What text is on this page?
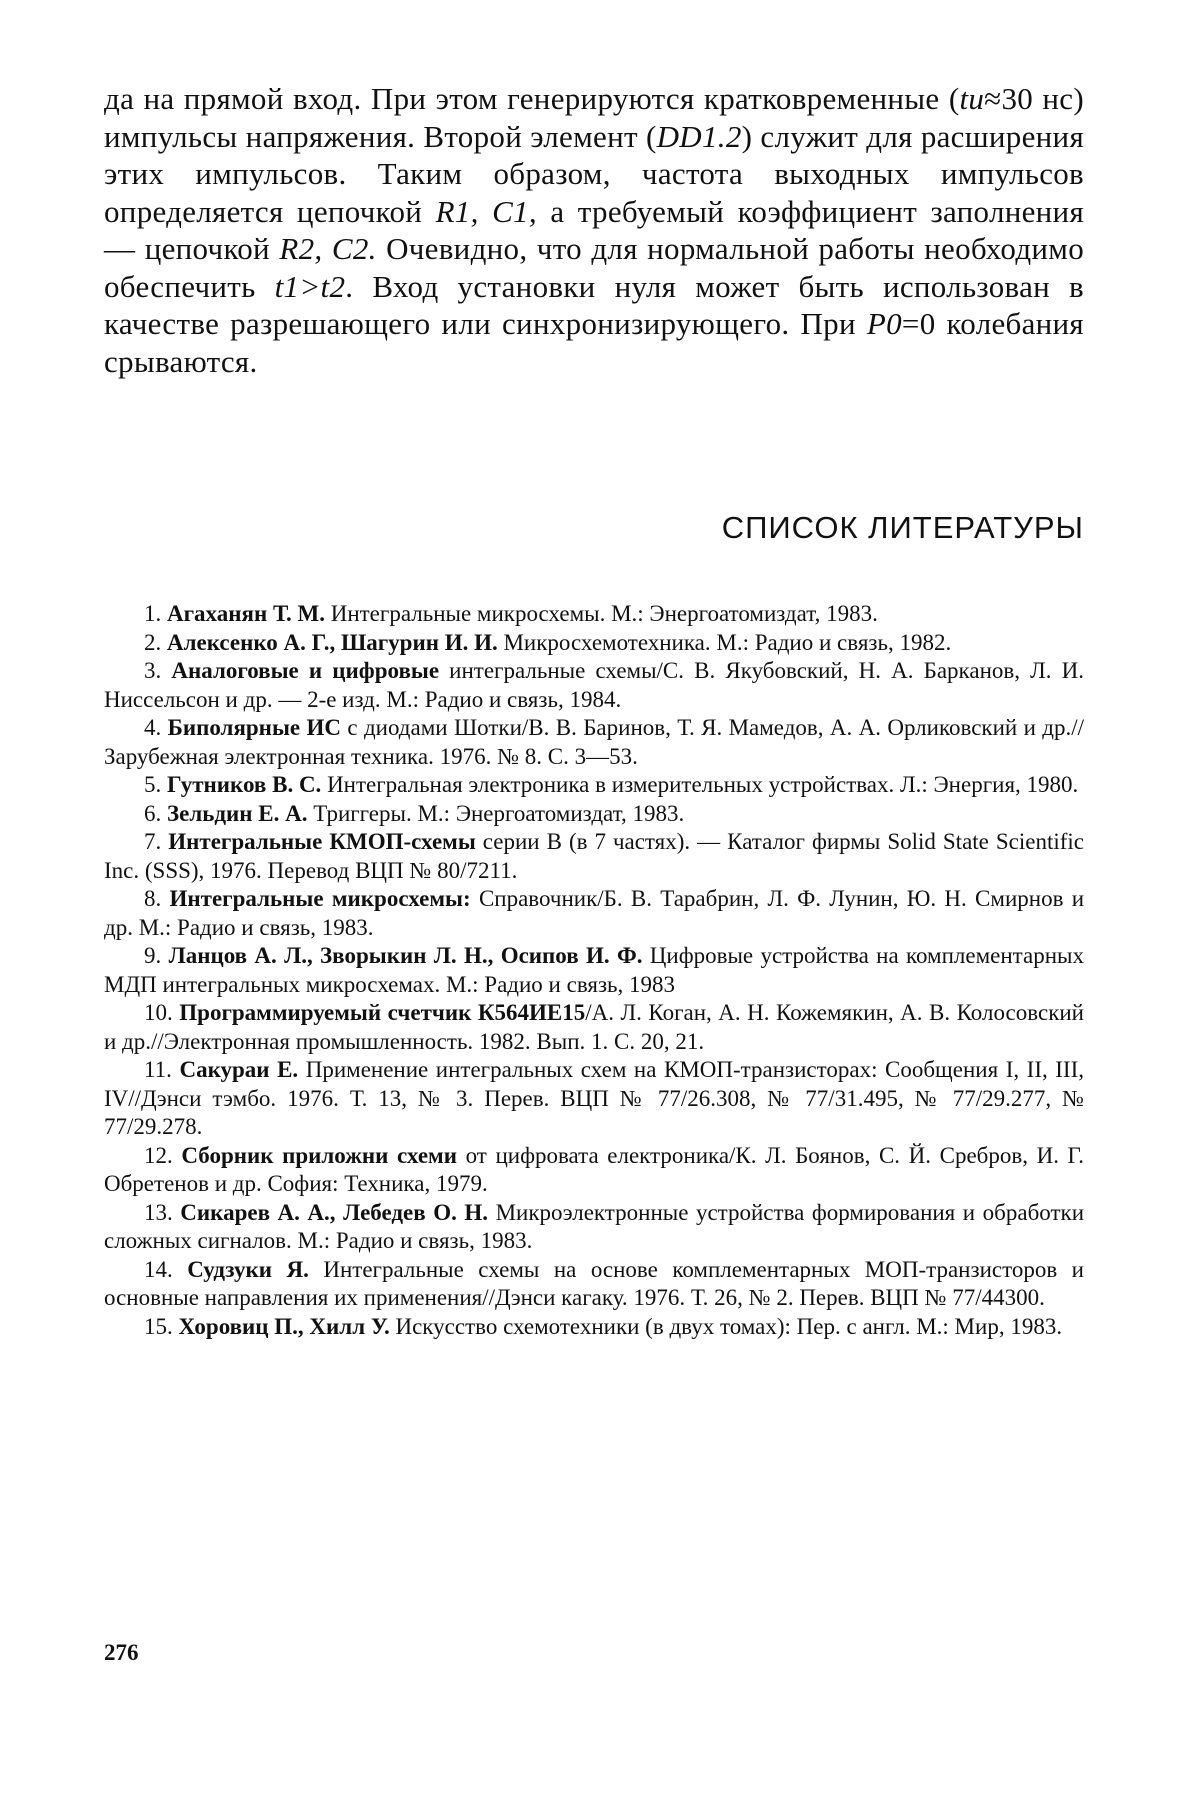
да на прямой вход. При этом генерируются кратковременные (tи≈30 нс) импульсы напряжения. Второй элемент (DD1.2) служит для расширения этих импульсов. Таким образом, частота выходных импульсов определяется цепочкой R1, C1, а требуемый коэффициент заполнения — цепочкой R2, C2. Очевидно, что для нормальной работы необходимо обеспечить t1>t2. Вход установки нуля может быть использован в качестве разрешающего или синхронизирующего. При P0=0 колебания срываются.

СПИСОК ЛИТЕРАТУРЫ

1. Агаханян Т. М. Интегральные микросхемы. М.: Энергоатомиздат, 1983.

2. Алексенко А. Г., Шагурин И. И. Микросхемотехника. М.: Радио и связь, 1982.

3. Аналоговые и цифровые интегральные схемы/С. В. Якубовский, Н. А. Барканов, Л. И. Ниссельсон и др. — 2-е изд. М.: Радио и связь, 1984.

4. Биполярные ИС с диодами Шотки/В. В. Баринов, Т. Я. Мамедов, А. А. Орликовский и др.//Зарубежная электронная техника. 1976. № 8. С. 3—53.

5. Гутников В. С. Интегральная электроника в измерительных устройствах. Л.: Энергия, 1980.

6. Зельдин Е. А. Триггеры. М.: Энергоатомиздат, 1983.

7. Интегральные КМОП-схемы серии В (в 7 частях). — Каталог фирмы Solid State Scientific Inc. (SSS), 1976. Перевод ВЦП № 80/7211.

8. Интегральные микросхемы: Справочник/Б. В. Тарабрин, Л. Ф. Лунин, Ю. Н. Смирнов и др. М.: Радио и связь, 1983.

9. Ланцов А. Л., Зворыкин Л. Н., Осипов И. Ф. Цифровые устройства на комплементарных МДП интегральных микросхемах. М.: Радио и связь, 1983

10. Программируемый счетчик К564ИЕ15/А. Л. Коган, А. Н. Кожемякин, А. В. Колосовский и др.//Электронная промышленность. 1982. Вып. 1. С. 20, 21.

11. Сакураи Е. Применение интегральных схем на КМОП-транзисторах: Сообщения I, II, III, IV//Дэнси тэмбо. 1976. Т. 13, № 3. Перев. ВЦП № 77/26.308, № 77/31.495, № 77/29.277, № 77/29.278.

12. Сборник приложни схеми от цифровата електроника/К. Л. Боянов, С. Й. Сребров, И. Г. Обретенов и др. София: Техника, 1979.

13. Сикарев А. А., Лебедев О. Н. Микроэлектронные устройства формирования и обработки сложных сигналов. М.: Радио и связь, 1983.

14. Судзуки Я. Интегральные схемы на основе комплементарных МОП-транзисторов и основные направления их применения//Дэнси кагаку. 1976. Т. 26, № 2. Перев. ВЦП № 77/44300.

15. Хоровиц П., Хилл У. Искусство схемотехники (в двух томах): Пер. с англ. М.: Мир, 1983.

276
